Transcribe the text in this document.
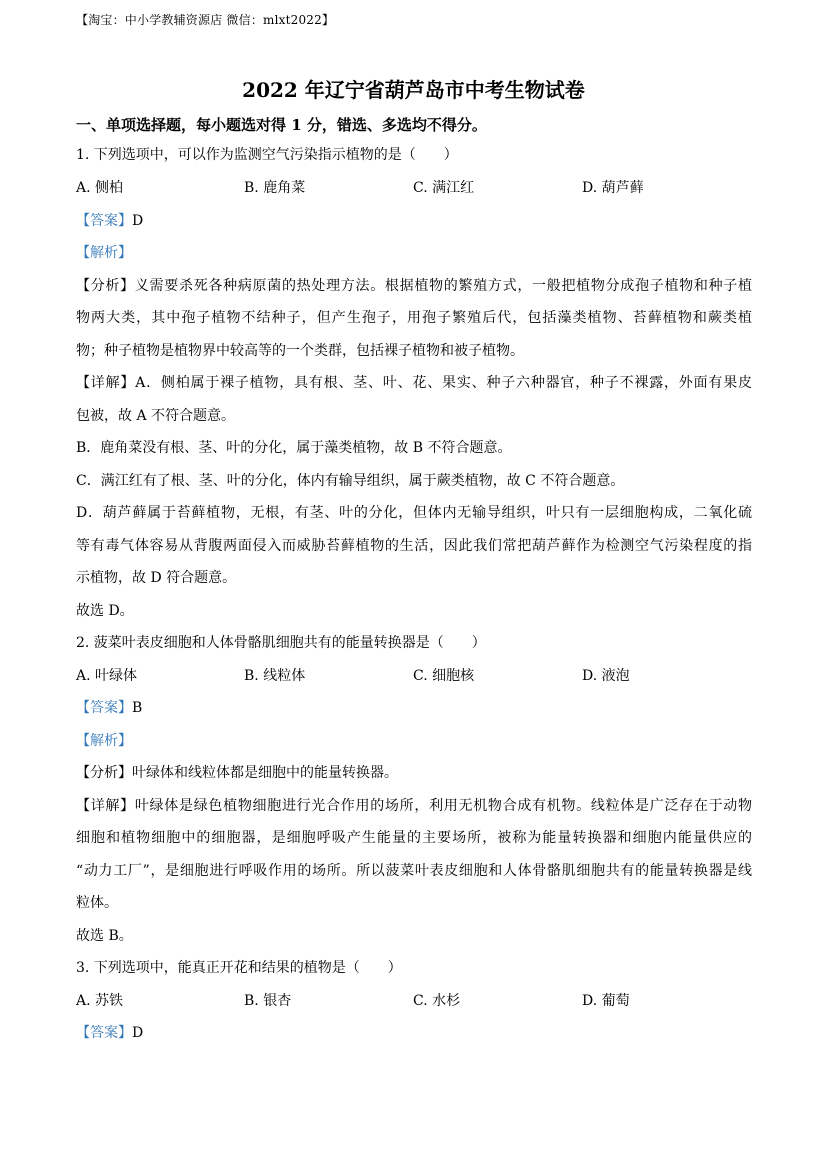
【淘宝：中小学教辅资源店 微信：mlxt2022】
2022 年辽宁省葫芦岛市中考生物试卷
一、单项选择题，每小题选对得 1 分，错选、多选均不得分。
1. 下列选项中，可以作为监测空气污染指示植物的是（　　）
A. 侧柏	B. 鹿角菜	C. 满江红	D. 葫芦藓
【答案】D
【解析】
【分析】义需要杀死各种病原菌的热处理方法。根据植物的繁殖方式，一般把植物分成孢子植物和种子植
物两大类，其中孢子植物不结种子，但产生孢子，用孢子繁殖后代，包括藻类植物、苔藓植物和蕨类植
物；种子植物是植物界中较高等的一个类群，包括裸子植物和被子植物。
【详解】A．侧柏属于裸子植物，具有根、茎、叶、花、果实、种子六种器官，种子不裸露，外面有果皮
包被，故 A 不符合题意。
B．鹿角菜没有根、茎、叶的分化，属于藻类植物，故 B 不符合题意。
C．满江红有了根、茎、叶的分化，体内有输导组织，属于蕨类植物，故 C 不符合题意。
D．葫芦藓属于苔藓植物，无根，有茎、叶的分化，但体内无输导组织，叶只有一层细胞构成，二氧化硫
等有毒气体容易从背腹两面侵入而威胁苔藓植物的生活，因此我们常把葫芦藓作为检测空气污染程度的指
示植物，故 D 符合题意。
故选 D。
2. 菠菜叶表皮细胞和人体骨骼肌细胞共有的能量转换器是（　　）
A. 叶绿体	B. 线粒体	C. 细胞核	D. 液泡
【答案】B
【解析】
【分析】叶绿体和线粒体都是细胞中的能量转换器。
【详解】叶绿体是绿色植物细胞进行光合作用的场所，利用无机物合成有机物。线粒体是广泛存在于动物
细胞和植物细胞中的细胞器，是细胞呼吸产生能量的主要场所，被称为能量转换器和细胞内能量供应的
“动力工厂”，是细胞进行呼吸作用的场所。所以菠菜叶表皮细胞和人体骨骼肌细胞共有的能量转换器是线
粒体。
故选 B。
3. 下列选项中，能真正开花和结果的植物是（　　）
A. 苏铁	B. 银杏	C. 水杉	D. 葡萄
【答案】D
